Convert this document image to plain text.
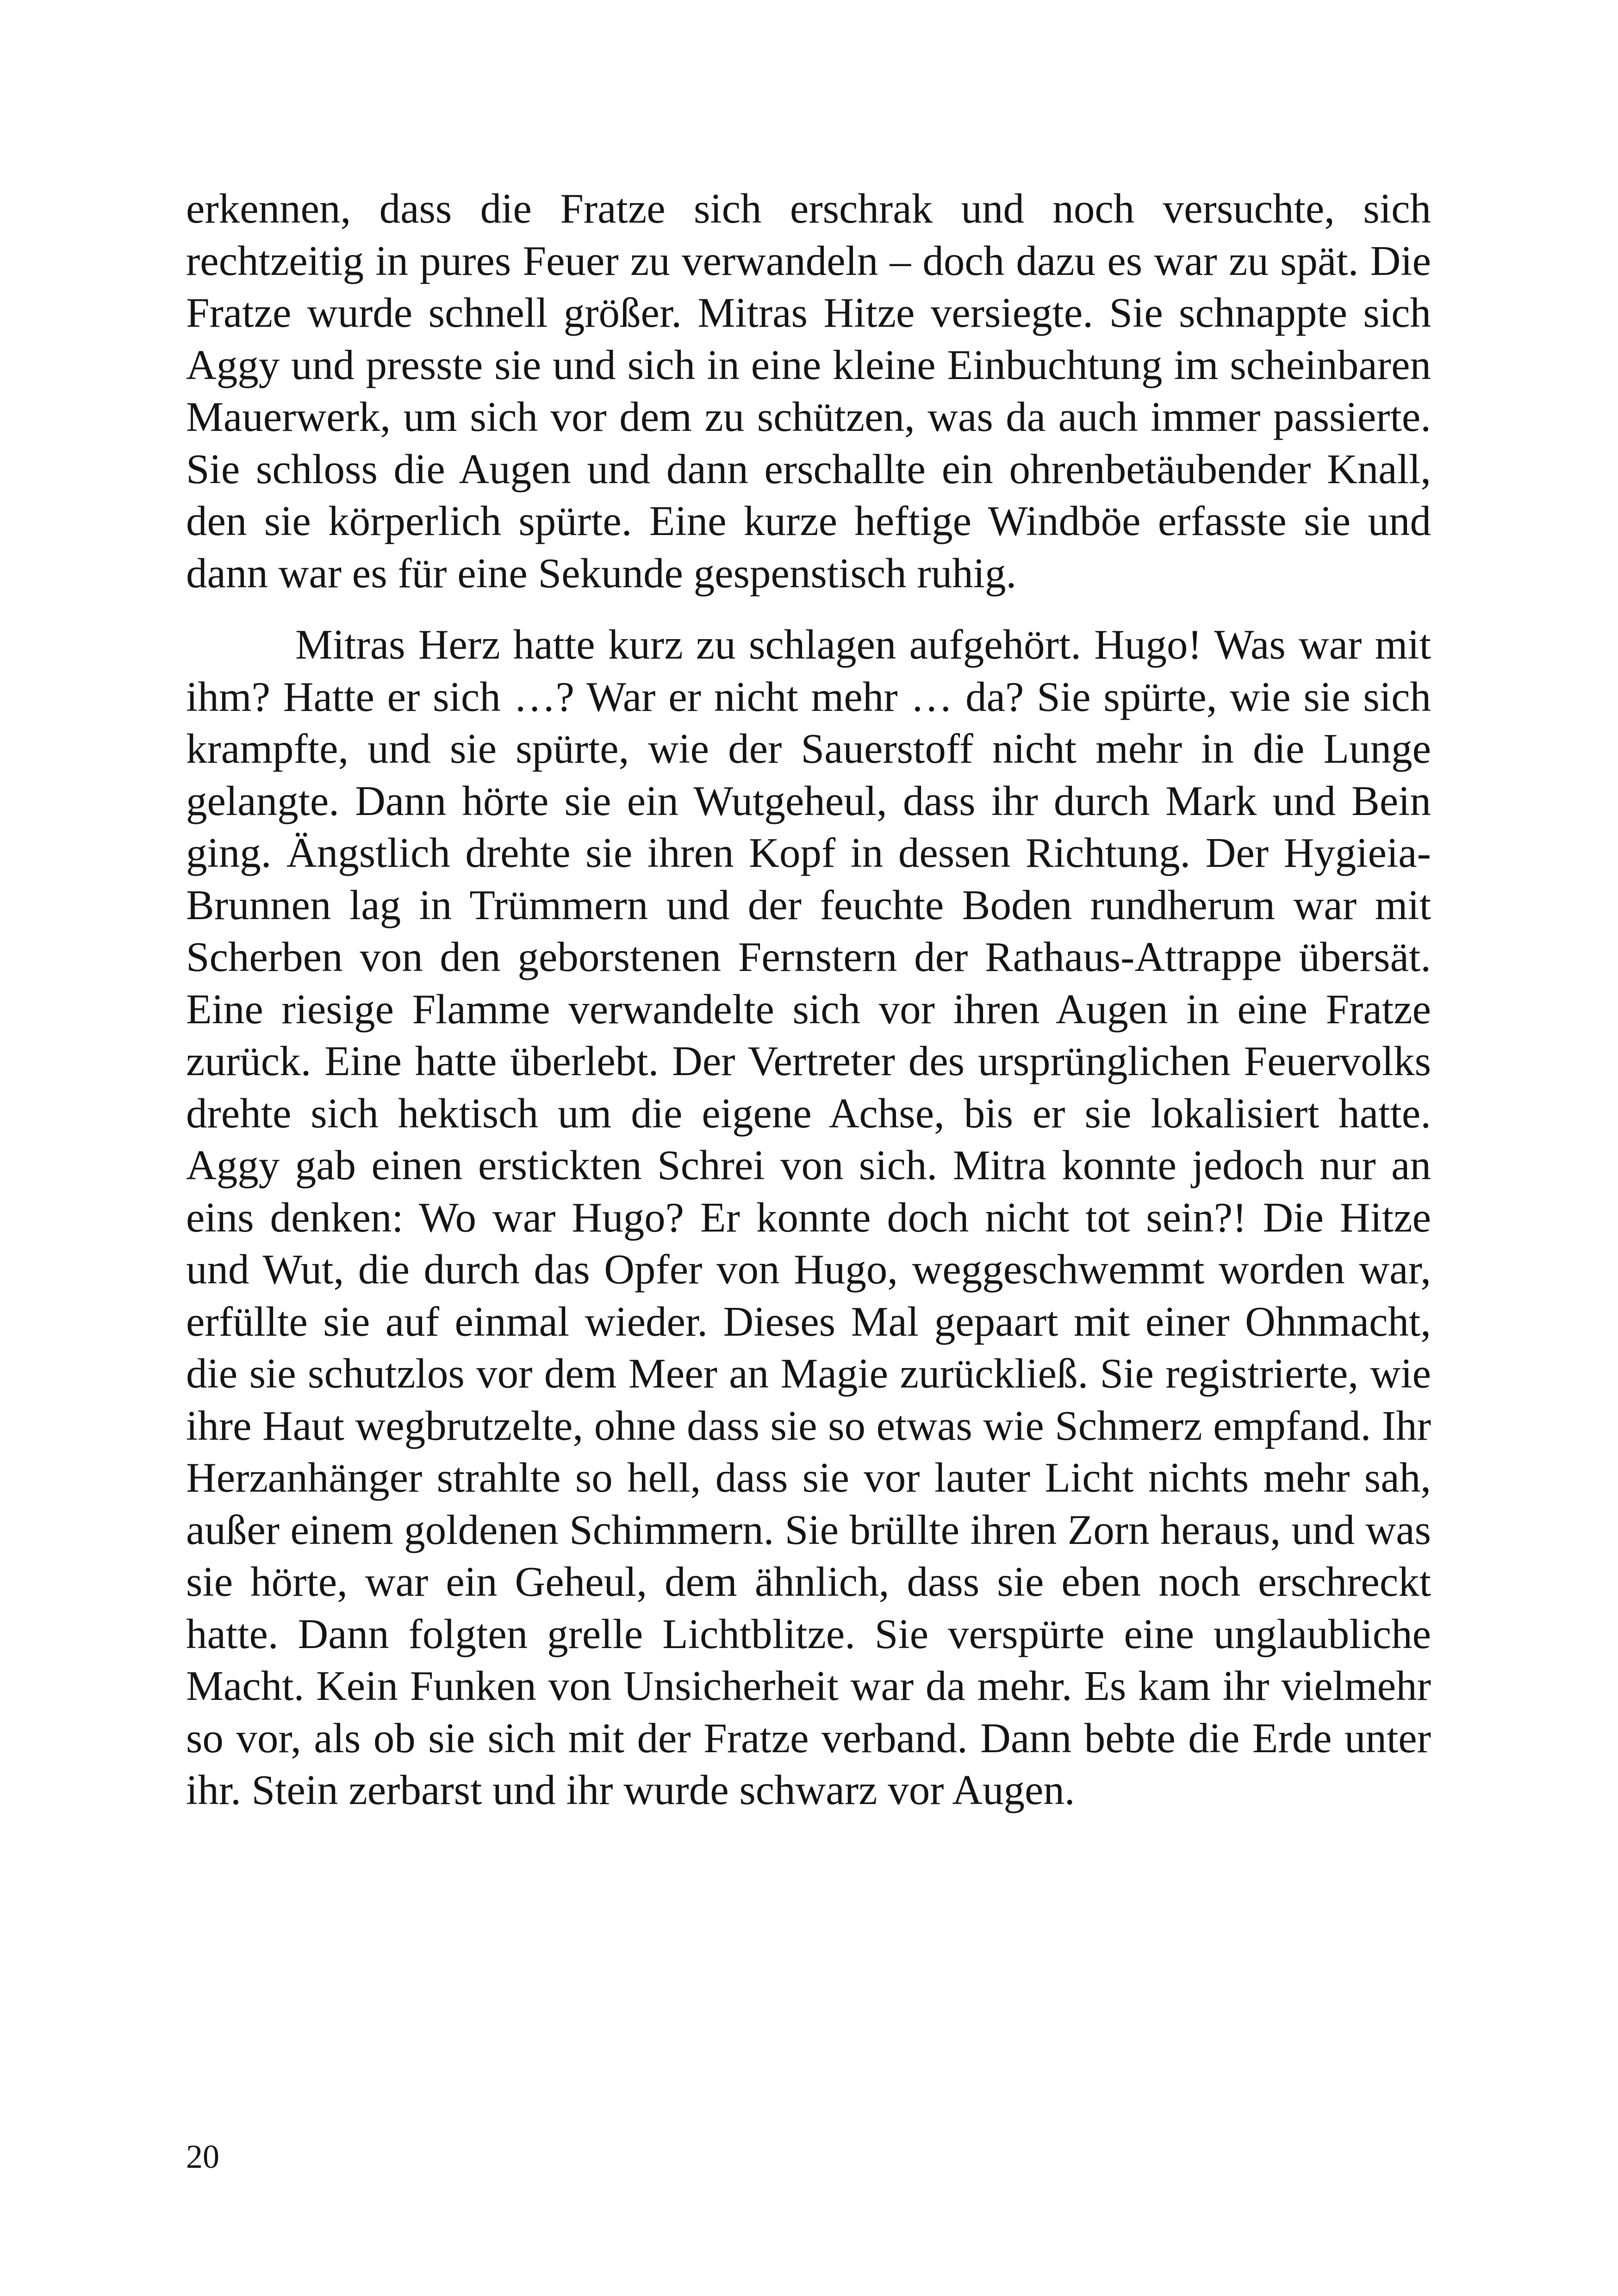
erkennen, dass die Fratze sich erschrak und noch versuchte, sich rechtzeitig in pures Feuer zu verwandeln – doch dazu es war zu spät. Die Fratze wurde schnell größer. Mitras Hitze versiegte. Sie schnappte sich Aggy und presste sie und sich in eine kleine Einbuchtung im scheinbaren Mauerwerk, um sich vor dem zu schützen, was da auch immer passierte. Sie schloss die Augen und dann erschallte ein ohrenbetäubender Knall, den sie körperlich spürte. Eine kurze heftige Windböe erfasste sie und dann war es für eine Sekunde gespenstisch ruhig.

Mitras Herz hatte kurz zu schlagen aufgehört. Hugo! Was war mit ihm? Hatte er sich …? War er nicht mehr … da? Sie spürte, wie sie sich krampfte, und sie spürte, wie der Sauerstoff nicht mehr in die Lunge gelangte. Dann hörte sie ein Wutgeheul, dass ihr durch Mark und Bein ging. Ängstlich drehte sie ihren Kopf in dessen Richtung. Der Hygieia-Brunnen lag in Trümmern und der feuchte Boden rundherum war mit Scherben von den geborstenen Fernstern der Rathaus-Attrappe übersät. Eine riesige Flamme verwandelte sich vor ihren Augen in eine Fratze zurück. Eine hatte überlebt. Der Vertreter des ursprünglichen Feuervolks drehte sich hektisch um die eigene Achse, bis er sie lokalisiert hatte. Aggy gab einen erstickten Schrei von sich. Mitra konnte jedoch nur an eins denken: Wo war Hugo? Er konnte doch nicht tot sein?! Die Hitze und Wut, die durch das Opfer von Hugo, weggeschwemmt worden war, erfüllte sie auf einmal wieder. Dieses Mal gepaart mit einer Ohnmacht, die sie schutzlos vor dem Meer an Magie zurückließ. Sie registrierte, wie ihre Haut wegbrutzelte, ohne dass sie so etwas wie Schmerz empfand. Ihr Herzanhänger strahlte so hell, dass sie vor lauter Licht nichts mehr sah, außer einem goldenen Schimmern. Sie brüllte ihren Zorn heraus, und was sie hörte, war ein Geheul, dem ähnlich, dass sie eben noch erschreckt hatte. Dann folgten grelle Lichtblitze. Sie verspürte eine unglaubliche Macht. Kein Funken von Unsicherheit war da mehr. Es kam ihr vielmehr so vor, als ob sie sich mit der Fratze verband. Dann bebte die Erde unter ihr. Stein zerbarst und ihr wurde schwarz vor Augen.

20
